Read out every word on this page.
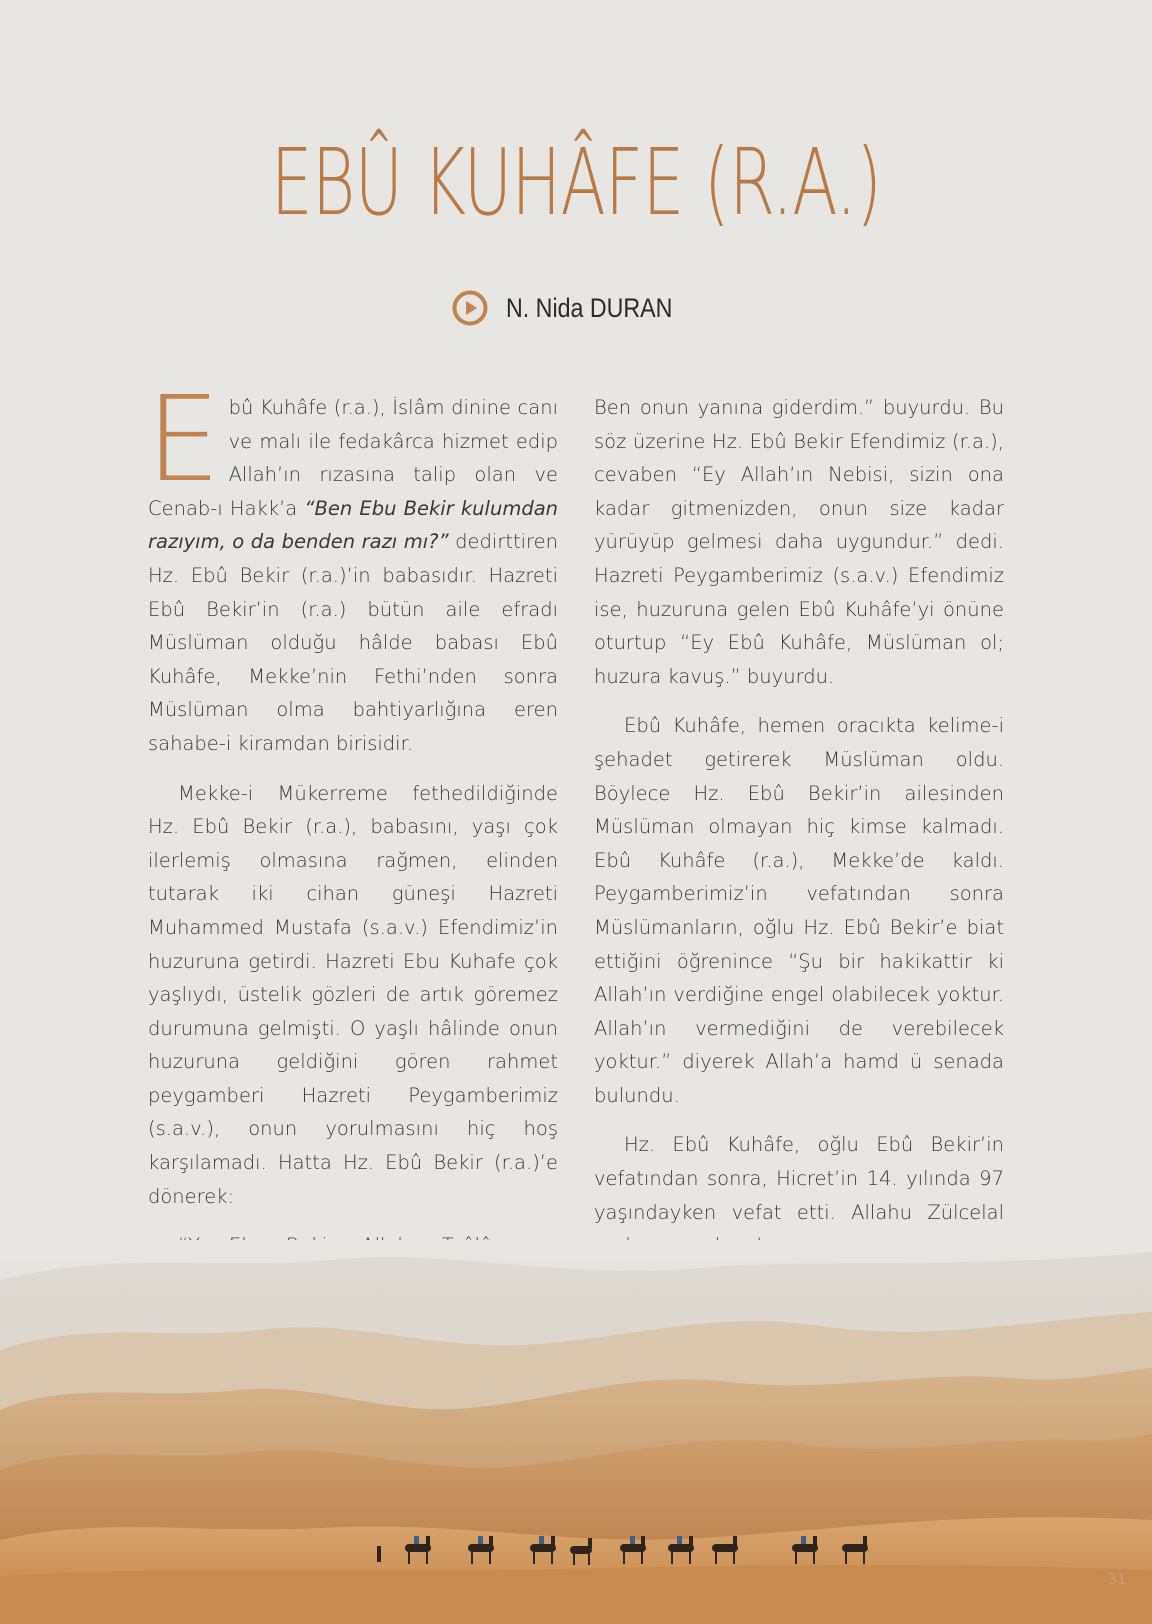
EBÛ KUHÂFE (R.A.)
N. Nida DURAN

Ebû Kuhâfe (r.a.), İslâm dinine canı ve malı ile fedakârca hizmet edip Allah’ın rızasına talip olan ve Cenab-ı Hakk’a “Ben Ebu Bekir kulumdan razıyım, o da benden razı mı?” dedirttiren Hz. Ebû Bekir (r.a.)’in babasıdır. Hazreti Ebû Bekir’in (r.a.) bütün aile efradı Müslüman olduğu hâlde babası Ebû Kuhâfe, Mekke’nin Fethi’nden sonra Müslüman olma bahtiyarlığına eren sahabe-i kiramdan birisidir.

Mekke-i Mükerreme fethedildiğinde Hz. Ebû Bekir (r.a.), babasını, yaşı çok ilerlemiş olmasına rağmen, elinden tutarak iki cihan güneşi Hazreti Muhammed Mustafa (s.a.v.) Efendimiz’in huzuruna getirdi. Hazreti Ebu Kuhafe çok yaşlıydı, üstelik gözleri de artık göremez durumuna gelmişti. O yaşlı hâlinde onun huzuruna geldiğini gören rahmet peygamberi Hazreti Peygamberimiz (s.a.v.), onun yorulmasını hiç hoş karşılamadı. Hatta Hz. Ebû Bekir (r.a.)’e dönerek:

Ben onun yanına giderdim.” buyurdu. Bu söz üzerine Hz. Ebû Bekir Efendimiz (r.a.), cevaben “Ey Allah’ın Nebisi, sizin ona kadar gitmenizden, onun size kadar yürüyüp gelmesi daha uygundur.” dedi. Hazreti Peygamberimiz (s.a.v.) Efendimiz ise, huzuruna gelen Ebû Kuhâfe’yi önüne oturtup “Ey Ebû Kuhâfe, Müslüman ol; huzura kavuş.” buyurdu.

Ebû Kuhâfe, hemen oracıkta kelime-i şehadet getirerek Müslüman oldu. Böylece Hz. Ebû Bekir’in ailesinden Müslüman olmayan hiç kimse kalmadı. Ebû Kuhâfe (r.a.), Mekke’de kaldı. Peygamberimiz’in vefatından sonra Müslümanların, oğlu Hz. Ebû Bekir’e biat ettiğini öğrenince “Şu bir hakikattir ki Allah’ın verdiğine engel olabilecek yoktur. Allah’ın vermediğini de verebilecek yoktur.” diyerek Allah’a hamd ü senada bulundu.

Hz. Ebû Kuhâfe, oğlu Ebû Bekir’in vefatından sonra, Hicret’in 14. yılında 97 yaşındayken vefat etti. Allahu Zülcelal

31
